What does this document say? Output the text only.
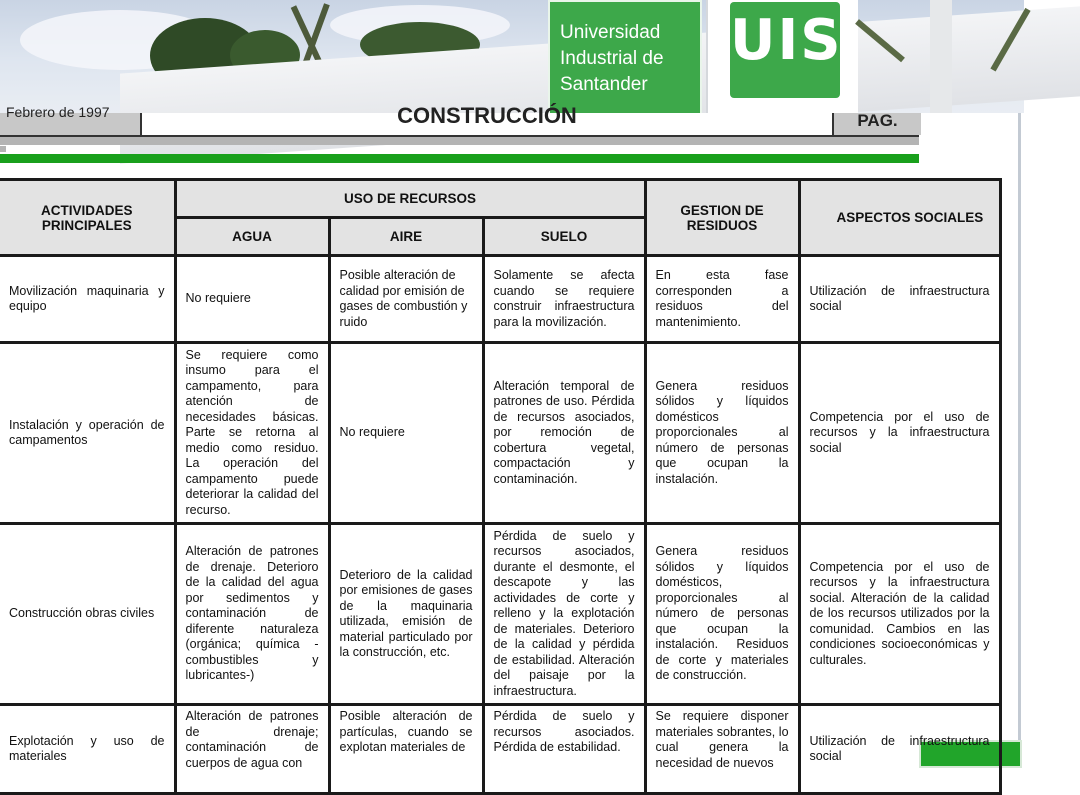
Universidad
Industrial de
Santander
UIS
Febrero de 1997	CONSTRUCCIÓN	PAG.
ACTIVIDADES PRINCIPALES	USO DE RECURSOS			GESTION DE RESIDUOS	ASPECTOS SOCIALES
	AGUA	AIRE	SUELO		
Movilización maquinaria y equipo	No requiere	Posible alteración de calidad por emisión de gases de combustión y ruido	Solamente se afecta cuando se requiere construir infraestructura para la movilización.	En esta fase corresponden a residuos del mantenimiento.	Utilización de infraestructura social
Instalación y operación de campamentos	Se requiere como insumo para el campamento, para atención de necesidades básicas. Parte se retorna al medio como residuo. La operación del campamento puede deteriorar la calidad del recurso.	No requiere	Alteración temporal de patrones de uso. Pérdida de recursos asociados, por remoción de cobertura vegetal, compactación y contaminación.	Genera residuos sólidos y líquidos domésticos proporcionales al número de personas que ocupan la instalación.	Competencia por el uso de recursos y la infraestructura social
Construcción obras civiles	Alteración de patrones de drenaje. Deterioro de la calidad del agua por sedimentos y contaminación de diferente naturaleza (orgánica; química - combustibles y lubricantes-)	Deterioro de la calidad por emisiones de gases de la maquinaria utilizada, emisión de material particulado por la construcción, etc.	Pérdida de suelo y recursos asociados, durante el desmonte, el descapote y las actividades de corte y relleno y la explotación de materiales. Deterioro de la calidad y pérdida de estabilidad. Alteración del paisaje por la infraestructura.	Genera residuos sólidos y líquidos domésticos, proporcionales al número de personas que ocupan la instalación. Residuos de corte y materiales de construcción.	Competencia por el uso de recursos y la infraestructura social. Alteración de la calidad de los recursos utilizados por la comunidad. Cambios en las condiciones socioeconómicas y culturales.
Explotación y uso de materiales	Alteración de patrones de drenaje; contaminación de cuerpos de agua con	Posible alteración de partículas, cuando se explotan materiales de	Pérdida de suelo y recursos asociados. Pérdida de estabilidad.	Se requiere disponer materiales sobrantes, lo cual genera la necesidad de nuevos	Utilización de infraestructura social
